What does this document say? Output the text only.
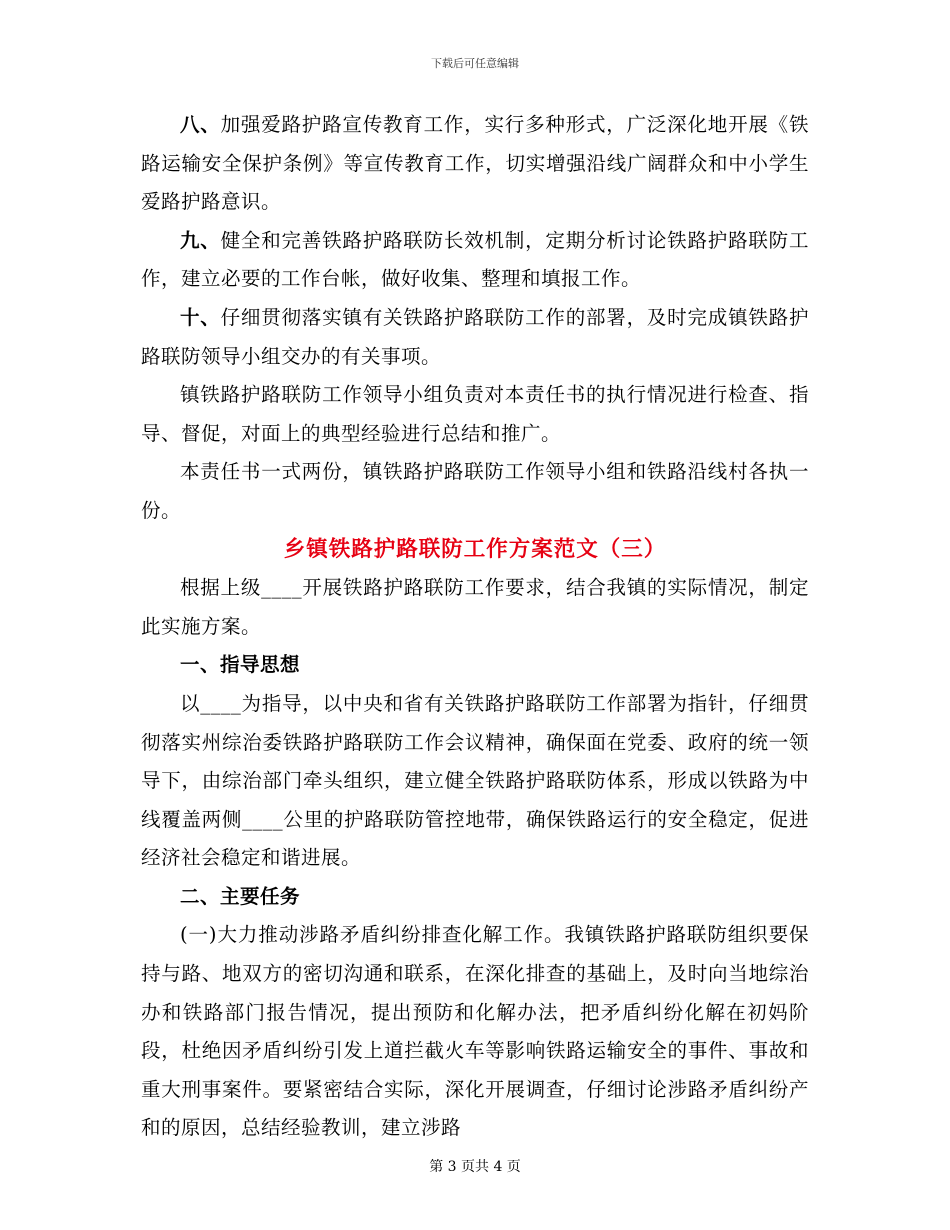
下载后可任意编辑

八、加强爱路护路宣传教育工作，实行多种形式，广泛深化地开展《铁路运输安全保护条例》等宣传教育工作，切实增强沿线广阔群众和中小学生爱路护路意识。

九、健全和完善铁路护路联防长效机制，定期分析讨论铁路护路联防工作，建立必要的工作台帐，做好收集、整理和填报工作。

十、仔细贯彻落实镇有关铁路护路联防工作的部署，及时完成镇铁路护路联防领导小组交办的有关事项。

镇铁路护路联防工作领导小组负责对本责任书的执行情况进行检查、指导、督促，对面上的典型经验进行总结和推广。

本责任书一式两份，镇铁路护路联防工作领导小组和铁路沿线村各执一份。

乡镇铁路护路联防工作方案范文（三）

根据上级____开展铁路护路联防工作要求，结合我镇的实际情况，制定此实施方案。

一、指导思想

以____为指导，以中央和省有关铁路护路联防工作部署为指针，仔细贯彻落实州综治委铁路护路联防工作会议精神，确保面在党委、政府的统一领导下，由综治部门牵头组织，建立健全铁路护路联防体系，形成以铁路为中线覆盖两侧____公里的护路联防管控地带，确保铁路运行的安全稳定，促进经济社会稳定和谐进展。

二、主要任务

(一)大力推动涉路矛盾纠纷排查化解工作。我镇铁路护路联防组织要保持与路、地双方的密切沟通和联系，在深化排查的基础上，及时向当地综治办和铁路部门报告情况，提出预防和化解办法，把矛盾纠纷化解在初妈阶段，杜绝因矛盾纠纷引发上道拦截火车等影响铁路运输安全的事件、事故和重大刑事案件。要紧密结合实际，深化开展调查，仔细讨论涉路矛盾纠纷产和的原因，总结经验教训，建立涉路

第 3 页共 4 页
